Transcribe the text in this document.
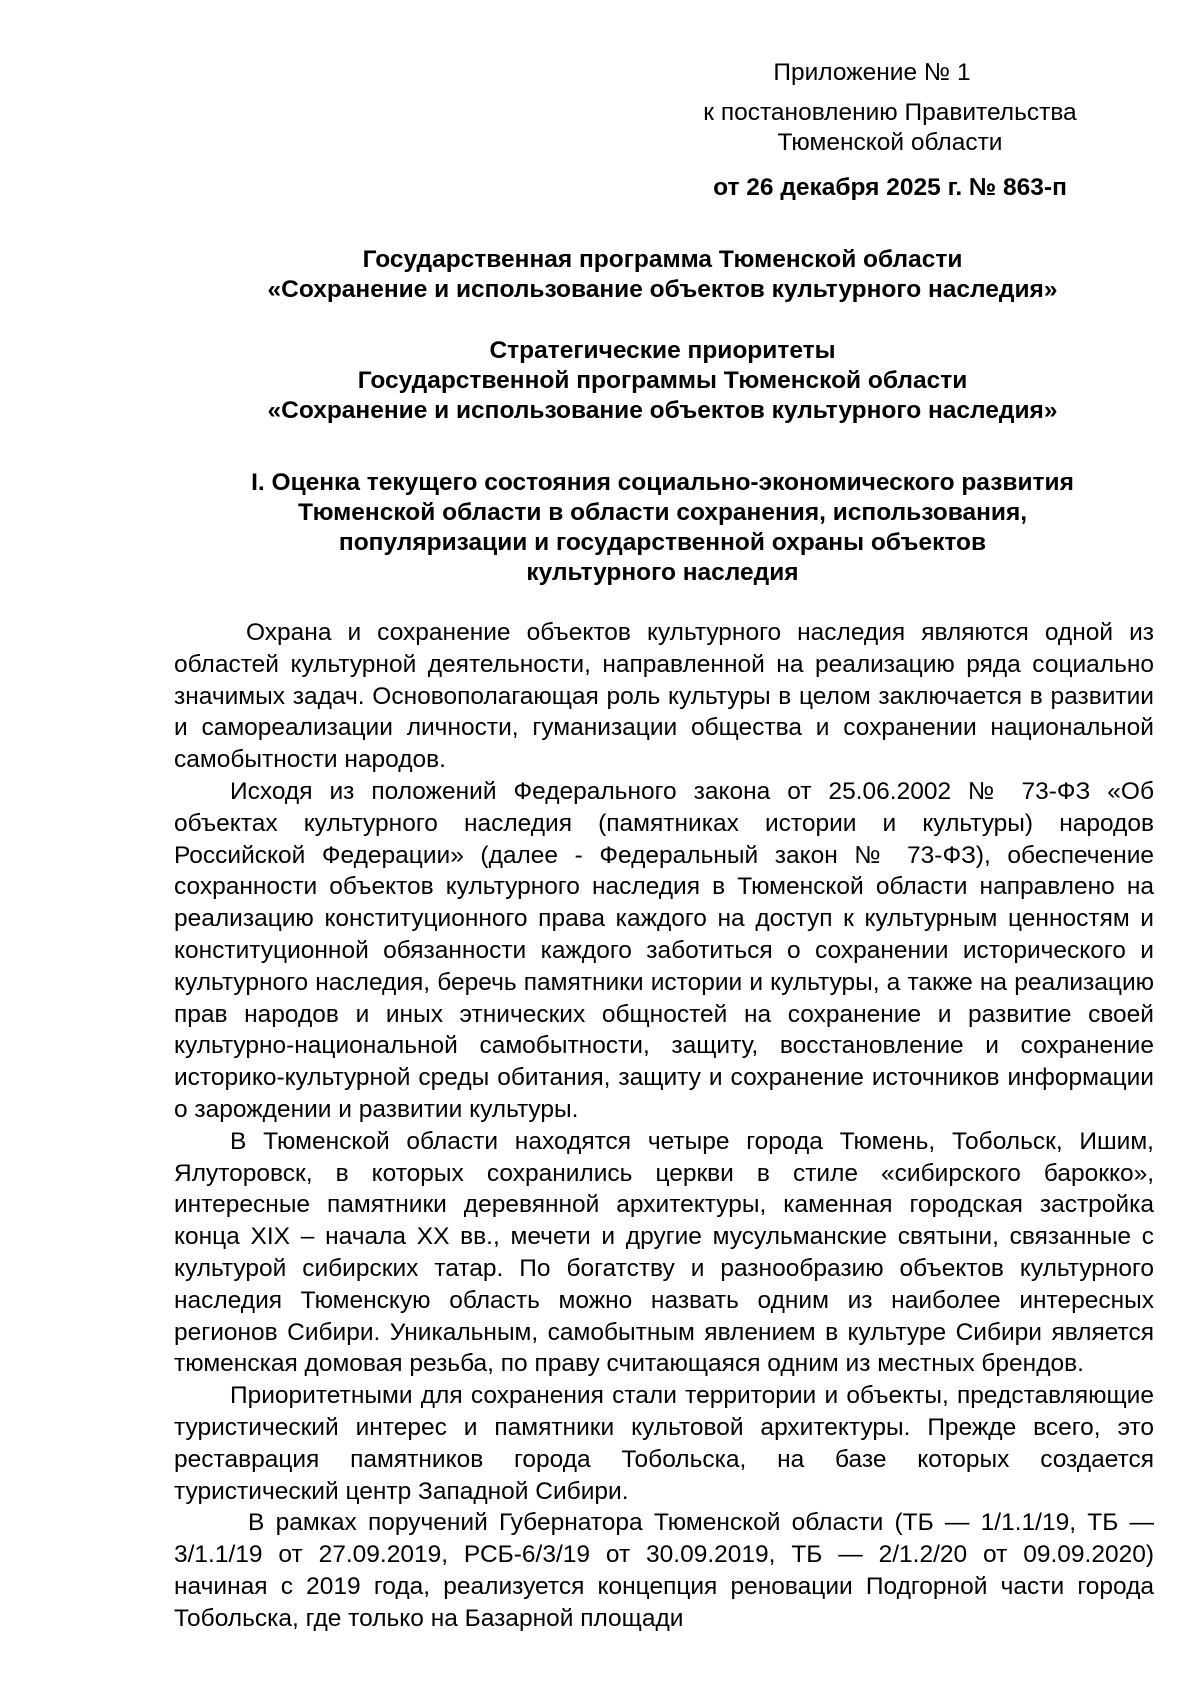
Приложение № 1
к постановлению Правительства
Тюменской области
от 26 декабря 2025 г. № 863-п
Государственная программа Тюменской области
«Сохранение и использование объектов культурного наследия»
Стратегические приоритеты
Государственной программы Тюменской области
«Сохранение и использование объектов культурного наследия»
I. Оценка текущего состояния социально-экономического развития
Тюменской области в области сохранения, использования,
популяризации и государственной охраны объектов
культурного наследия

Охрана и сохранение объектов культурного наследия являются одной из областей культурной деятельности, направленной на реализацию ряда социально значимых задач. Основополагающая роль культуры в целом заключается в развитии и самореализации личности, гуманизации общества и сохранении национальной самобытности народов.

Исходя из положений Федерального закона от 25.06.2002 № 73-ФЗ «Об объектах культурного наследия (памятниках истории и культуры) народов Российской Федерации» (далее - Федеральный закон № 73-ФЗ), обеспечение сохранности объектов культурного наследия в Тюменской области направлено на реализацию конституционного права каждого на доступ к культурным ценностям и конституционной обязанности каждого заботиться о сохранении исторического и культурного наследия, беречь памятники истории и культуры, а также на реализацию прав народов и иных этнических общностей на сохранение и развитие своей культурно-национальной самобытности, защиту, восстановление и сохранение историко-культурной среды обитания, защиту и сохранение источников информации о зарождении и развитии культуры.

В Тюменской области находятся четыре города Тюмень, Тобольск, Ишим, Ялуторовск, в которых сохранились церкви в стиле «сибирского барокко», интересные памятники деревянной архитектуры, каменная городская застройка конца XIX – начала XX вв., мечети и другие мусульманские святыни, связанные с культурой сибирских татар. По богатству и разнообразию объектов культурного наследия Тюменскую область можно назвать одним из наиболее интересных регионов Сибири. Уникальным, самобытным явлением в культуре Сибири является тюменская домовая резьба, по праву считающаяся одним из местных брендов.

Приоритетными для сохранения стали территории и объекты, представляющие туристический интерес и памятники культовой архитектуры. Прежде всего, это реставрация памятников города Тобольска, на базе которых создается туристический центр Западной Сибири.

В рамках поручений Губернатора Тюменской области (ТБ — 1/1.1/19, ТБ — 3/1.1/19 от 27.09.2019, РСБ-6/3/19 от 30.09.2019, ТБ — 2/1.2/20 от 09.09.2020) начиная с 2019 года, реализуется концепция реновации Подгорной части города Тобольска, где только на Базарной площади
